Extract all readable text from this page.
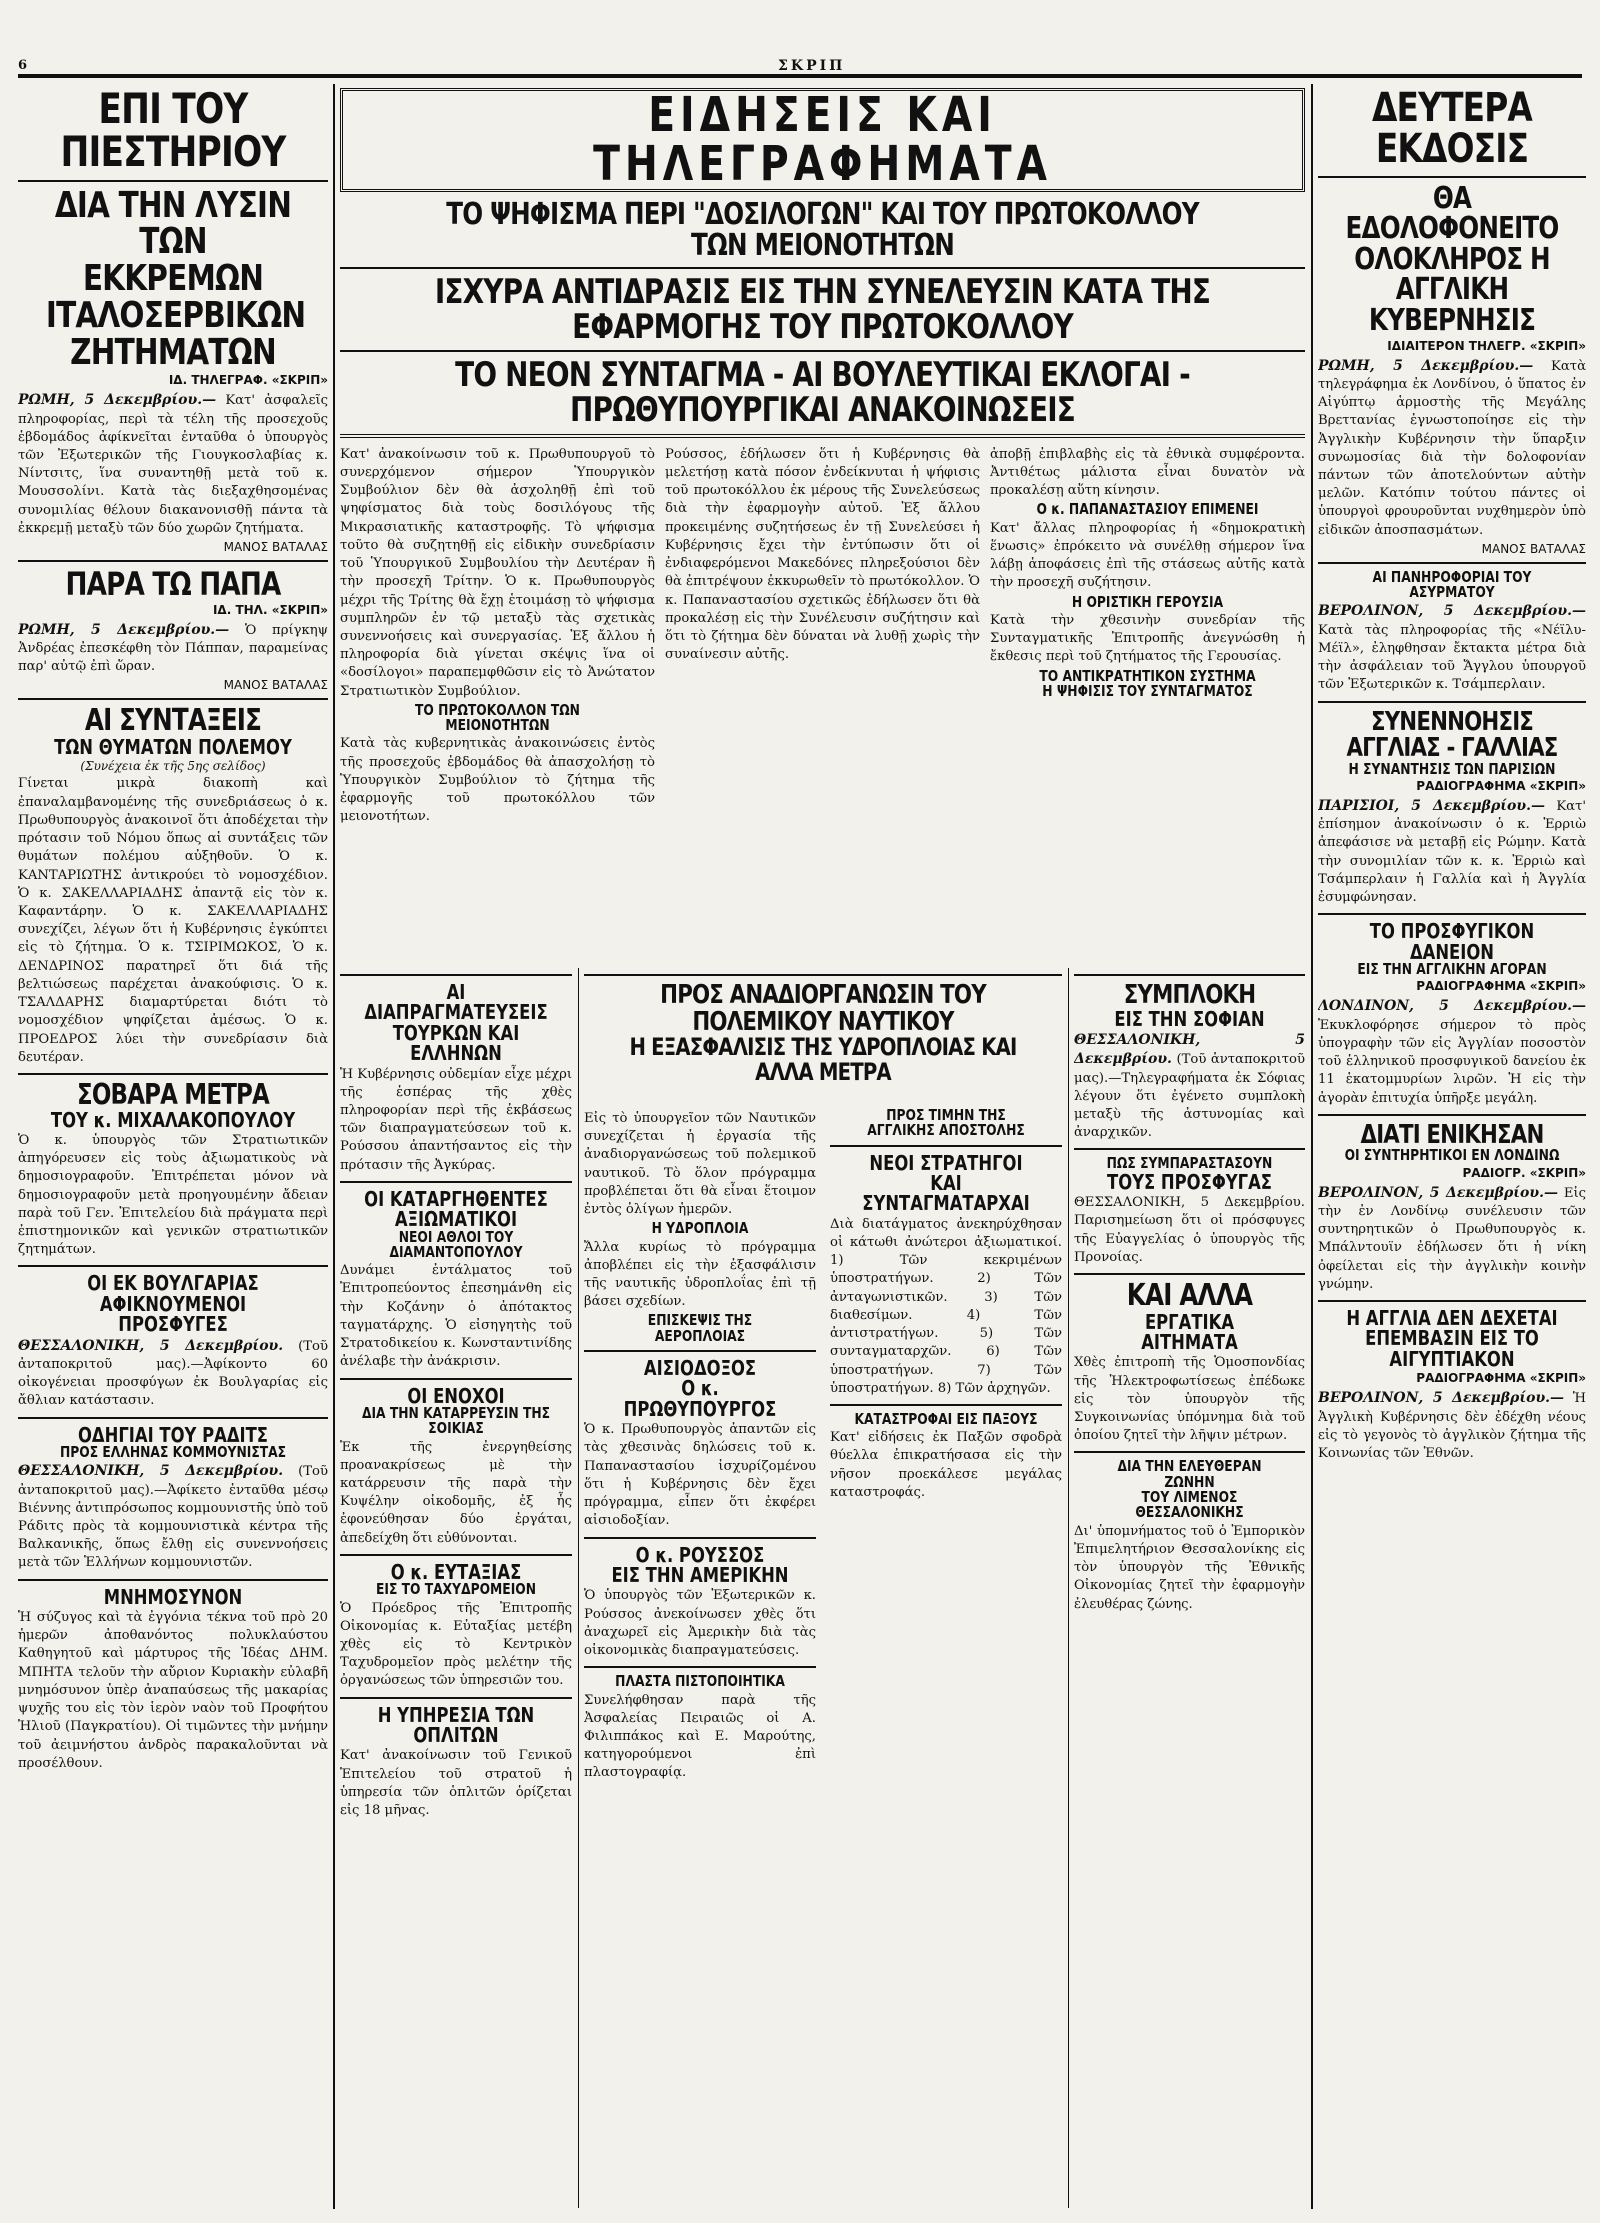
6	ΣΚΡΙΠ
ΕΠΙ ΤΟΥ ΠΙΕΣΤΗΡΙΟΥ
ΔΙΑ ΤΗΝ ΛΥΣΙΝ ΤΩΝ ΕΚΚΡΕΜΩΝ ΙΤΑΛΟΣΕΡΒΙΚΩΝ ΖΗΤΗΜΑΤΩΝ
ΙΔ. ΤΗΛΕΓΡΑΦ. «ΣΚΡΙΠ»

ΡΩΜΗ, 5 Δεκεμβρίου.— Κατ' ἀσφαλεῖς πληροφορίας, περὶ τὰ τέλη τῆς προσεχοῦς ἑβδομάδος ἀφίκνεῖται ἐνταῦθα ὁ ὑπουργὸς τῶν Ἐξωτερικῶν τῆς Γιουγκοσλαβίας κ. Νίντσιτς, ἵνα συναντηθῇ μετὰ τοῦ κ. Μουσσολίνι. Κατὰ τὰς διεξαχθησομένας συνομιλίας θέλουν διακανονισθῇ πάντα τὰ ἐκκρεμῇ μεταξὺ τῶν δύο χωρῶν ζητήματα.

ΜΑΝΟΣ ΒΑΤΑΛΑΣ
ΠΑΡΑ ΤΩ ΠΑΠΑ
ΙΔ. ΤΗΛ. «ΣΚΡΙΠ»

ΡΩΜΗ, 5 Δεκεμβρίου.— Ὁ πρίγκηψ Ἀνδρέας ἐπεσκέφθη τὸν Πάππαν, παραμείνας παρ' αὐτῷ ἐπὶ ὥραν.

ΜΑΝΟΣ ΒΑΤΑΛΑΣ
ΑΙ ΣΥΝΤΑΞΕΙΣ
ΤΩΝ ΘΥΜΑΤΩΝ ΠΟΛΕΜΟΥ
(Συνέχεια ἐκ τῆς 5ης σελίδος)

Γίνεται μικρὰ διακοπὴ καὶ ἐπαναλαμβανομένης τῆς συνεδριάσεως ὁ κ. Πρωθυπουργὸς ἀνακοινοῖ ὅτι ἀποδέχεται τὴν πρότασιν τοῦ Νόμου ὅπως αἱ συντάξεις τῶν θυμάτων πολέμου αὐξηθοῦν. Ὁ κ. ΚΑΝΤΑΡΙΩΤΗΣ ἀντικρούει τὸ νομοσχέδιον. Ὁ κ. ΣΑΚΕΛΛΑΡΙΑΔΗΣ ἀπαντᾷ εἰς τὸν κ. Καφαντάρην. Ὁ κ. ΣΑΚΕΛΛΑΡΙΑΔΗΣ συνεχίζει, λέγων ὅτι ἡ Κυβέρνησις ἐγκύπτει εἰς τὸ ζήτημα. Ὁ κ. ΤΣΙΡΙΜΩΚΟΣ, Ὁ κ. ΔΕΝΔΡΙΝΟΣ παρατηρεῖ ὅτι διά τῆς βελτιώσεως παρέχεται ἀνακούφισις. Ὁ κ. ΤΣΑΛΔΑΡΗΣ διαμαρτύρεται διότι τὸ νομοσχέδιον ψηφίζεται ἀμέσως. Ὁ κ. ΠΡΟΕΔΡΟΣ λύει τὴν συνεδρίασιν διὰ δευτέραν.

ΣΟΒΑΡΑ ΜΕΤΡΑ
ΤΟΥ κ. ΜΙΧΑΛΑΚΟΠΟΥΛΟΥ

Ὁ κ. ὑπουργὸς τῶν Στρατιωτικῶν ἀπηγόρευσεν εἰς τοὺς ἀξιωματικοὺς νὰ δημοσιογραφοῦν. Ἐπιτρέπεται μόνον νὰ δημοσιογραφοῦν μετὰ προηγουμένην ἄδειαν παρὰ τοῦ Γεν. Ἐπιτελείου διὰ πράγματα περὶ ἐπιστημονικῶν καὶ γενικῶν στρατιωτικῶν ζητημάτων.

ΟΙ ΕΚ ΒΟΥΛΓΑΡΙΑΣ ΑΦΙΚΝΟΥΜΕΝΟΙ ΠΡΟΣΦΥΓΕΣ

ΘΕΣΣΑΛΟΝΙΚΗ, 5 Δεκεμβρίου. (Τοῦ ἀνταποκριτοῦ μας).—Ἀφίκοντο 60 οἰκογένειαι προσφύγων ἐκ Βουλγαρίας εἰς ἄθλιαν κατάστασιν.

ΟΔΗΓΙΑΙ ΤΟΥ ΡΑΔΙΤΣ
ΠΡΟΣ ΕΛΛΗΝΑΣ ΚΟΜΜΟΥΝΙΣΤΑΣ

ΘΕΣΣΑΛΟΝΙΚΗ, 5 Δεκεμβρίου. (Τοῦ ἀνταποκριτοῦ μας).—Ἀφίκετο ἐνταῦθα μέσῳ Βιέννης ἀντιπρόσωπος κομμουνιστῆς ὑπὸ τοῦ Ράδιτς πρὸς τὰ κομμουνιστικὰ κέντρα τῆς Βαλκανικῆς, ὅπως ἔλθῃ εἰς συνεννοήσεις μετὰ τῶν Ἑλλήνων κομμουνιστῶν.

ΜΝΗΜΟΣΥΝΟΝ

Ἡ σύζυγος καὶ τὰ ἐγγόνια τέκνα τοῦ πρὸ 20 ἡμερῶν ἀποθανόντος πολυκλαύστου Καθηγητοῦ καὶ μάρτυρος τῆς Ἰδέας ΔΗΜ. ΜΠΗΤΑ τελοῦν τὴν αὔριον Κυριακὴν εὐλαβῆ μνημόσυνον ὑπὲρ ἀναπαύσεως τῆς μακαρίας ψυχῆς του εἰς τὸν ἱερὸν ναὸν τοῦ Προφήτου Ἠλιοῦ (Παγκρατίου). Οἱ τιμῶντες τὴν μνήμην τοῦ ἀειμνήστου ἀνδρὸς παρακαλοῦνται νὰ προσέλθουν.

ΕΙΔΗΣΕΙΣ ΚΑΙ ΤΗΛΕΓΡΑΦΗΜΑΤΑ
ΤΟ ΨΗΦΙΣΜΑ ΠΕΡΙ "ΔΟΣΙΛΟΓΩΝ" ΚΑΙ ΤΟΥ ΠΡΩΤΟΚΟΛΛΟΥ ΤΩΝ ΜΕΙΟΝΟΤΗΤΩΝ
ΙΣΧΥΡΑ ΑΝΤΙΔΡΑΣΙΣ ΕΙΣ ΤΗΝ ΣΥΝΕΛΕΥΣΙΝ ΚΑΤΑ ΤΗΣ ΕΦΑΡΜΟΓΗΣ ΤΟΥ ΠΡΩΤΟΚΟΛΛΟΥ
ΤΟ ΝΕΟΝ ΣΥΝΤΑΓΜΑ - ΑΙ ΒΟΥΛΕΥΤΙΚΑΙ ΕΚΛΟΓΑΙ - ΠΡΩΘΥΠΟΥΡΓΙΚΑΙ ΑΝΑΚΟΙΝΩΣΕΙΣ

Κατ' ἀνακοίνωσιν τοῦ κ. Πρωθυπουργοῦ τὸ συνερχόμενον σήμερον Ὑπουργικὸν Συμβούλιον δὲν θὰ ἀσχοληθῇ ἐπὶ τοῦ ψηφίσματος διὰ τοὺς δοσιλόγους τῆς Μικρασιατικῆς καταστροφῆς. Τὸ ψήφισμα τοῦτο θὰ συζητηθῇ εἰς εἰδικὴν συνεδρίασιν τοῦ Ὑπουργικοῦ Συμβουλίου τὴν Δευτέραν ἢ τὴν προσεχῆ Τρίτην. Ὁ κ. Πρωθυπουργὸς μέχρι τῆς Τρίτης θὰ ἔχῃ ἑτοιμάσῃ τὸ ψήφισμα συμπληρῶν ἐν τῷ μεταξὺ τὰς σχετικὰς συνεννοήσεις καὶ συνεργασίας. Ἐξ ἄλλου ἡ πληροφορία διὰ γίνεται σκέψις ἵνα οἱ «δοσίλογοι» παραπεμφθῶσιν εἰς τὸ Ἀνώτατον Στρατιωτικὸν Συμβούλιον.

ΤΟ ΠΡΩΤΟΚΟΛΛΟΝ ΤΩΝ ΜΕΙΟΝΟΤΗΤΩΝ

Κατὰ τὰς κυβερνητικὰς ἀνακοινώσεις ἐντὸς τῆς προσεχοῦς ἑβδομάδος θὰ ἀπασχολήσῃ τὸ Ὑπουργικὸν Συμβούλιον τὸ ζήτημα τῆς ἐφαρμογῆς τοῦ πρωτοκόλλου τῶν μειονοτήτων.

Ρούσσος, ἐδήλωσεν ὅτι ἡ Κυβέρνησις θὰ μελετήσῃ κατὰ πόσον ἐνδείκνυται ἡ ψήφισις τοῦ πρωτοκόλλου ἐκ μέρους τῆς Συνελεύσεως διὰ τὴν ἐφαρμογὴν αὐτοῦ. Ἐξ ἄλλου προκειμένης συζητήσεως ἐν τῇ Συνελεύσει ἡ Κυβέρνησις ἔχει τὴν ἐντύπωσιν ὅτι οἱ ἐνδιαφερόμενοι Μακεδόνες πληρεξούσιοι δὲν θὰ ἐπιτρέψουν ἐκκυρωθεῖν τὸ πρωτόκολλον. Ὁ κ. Παπαναστασίου σχετικῶς ἐδήλωσεν ὅτι θὰ προκαλέσῃ εἰς τὴν Συνέλευσιν συζήτησιν καὶ ὅτι τὸ ζήτημα δὲν δύναται νὰ λυθῇ χωρὶς τὴν συναίνεσιν αὐτῆς.

ἀποβῇ ἐπιβλαβὴς εἰς τὰ ἐθνικὰ συμφέροντα. Ἀντιθέτως μάλιστα εἶναι δυνατὸν νὰ προκαλέσῃ αὕτη κίνησιν.

Ο κ. ΠΑΠΑΝΑΣΤΑΣΙΟΥ ΕΠΙΜΕΝΕΙ

Κατ' ἄλλας πληροφορίας ἡ «δημοκρατικὴ ἕνωσις» ἐπρόκειτο νὰ συνέλθῃ σήμερον ἵνα λάβῃ ἀποφάσεις ἐπὶ τῆς στάσεως αὐτῆς κατὰ τὴν προσεχῆ συζήτησιν.

Η ΟΡΙΣΤΙΚΗ ΓΕΡΟΥΣΙΑ

Κατὰ τὴν χθεσινὴν συνεδρίαν τῆς Συνταγματικῆς Ἐπιτροπῆς ἀνεγνώσθη ἡ ἔκθεσις περὶ τοῦ ζητήματος τῆς Γερουσίας.

ΤΟ ΑΝΤΙΚΡΑΤΗΤΙΚΟΝ ΣΥΣΤΗΜΑ
Η ΨΗΦΙΣΙΣ ΤΟΥ ΣΥΝΤΑΓΜΑΤΟΣ
ΑΙ ΔΙΑΠΡΑΓΜΑΤΕΥΣΕΙΣ ΤΟΥΡΚΩΝ ΚΑΙ ΕΛΛΗΝΩΝ

Ἡ Κυβέρνησις οὐδεμίαν εἶχε μέχρι τῆς ἑσπέρας τῆς χθὲς πληροφορίαν περὶ τῆς ἐκβάσεως τῶν διαπραγματεύσεων τοῦ κ. Ρούσσου ἀπαντήσαντος εἰς τὴν πρότασιν τῆς Ἀγκύρας.

ΟΙ ΚΑΤΑΡΓΗΘΕΝΤΕΣ ΑΞΙΩΜΑΤΙΚΟΙ
ΝΕΟΙ ΑΘΛΟΙ ΤΟΥ ΔΙΑΜΑΝΤΟΠΟΥΛΟΥ

Δυνάμει ἐντάλματος τοῦ Ἐπιτροπεύοντος ἐπεσημάνθη εἰς τὴν Κοζάνην ὁ ἀπότακτος ταγματάρχης. Ὁ εἰσηγητὴς τοῦ Στρατοδικείου κ. Κωνσταντινίδης ἀνέλαβε τὴν ἀνάκρισιν.

ΟΙ ΕΝΟΧΟΙ
ΔΙΑ ΤΗΝ ΚΑΤΑΡΡΕΥΣΙΝ ΤΗΣ ΣΟΙΚΙΑΣ

Ἐκ τῆς ἐνεργηθείσης προανακρίσεως μὲ τὴν κατάρρευσιν τῆς παρὰ τὴν Κυψέλην οἰκοδομῆς, ἐξ ἧς ἐφονεύθησαν δύο ἐργάται, ἀπεδείχθη ὅτι εὐθύνονται.

Ο κ. ΕΥΤΑΞΙΑΣ
ΕΙΣ ΤΟ ΤΑΧΥΔΡΟΜΕΙΟΝ

Ὁ Πρόεδρος τῆς Ἐπιτροπῆς Οἰκονομίας κ. Εὐταξίας μετέβη χθὲς εἰς τὸ Κεντρικὸν Ταχυδρομεῖον πρὸς μελέτην τῆς ὀργανώσεως τῶν ὑπηρεσιῶν του.

Η ΥΠΗΡΕΣΙΑ ΤΩΝ ΟΠΛΙΤΩΝ

Κατ' ἀνακοίνωσιν τοῦ Γενικοῦ Ἐπιτελείου τοῦ στρατοῦ ἡ ὑπηρεσία τῶν ὁπλιτῶν ὁρίζεται εἰς 18 μῆνας.

ΠΡΟΣ ΑΝΑΔΙΟΡΓΑΝΩΣΙΝ ΤΟΥ ΠΟΛΕΜΙΚΟΥ ΝΑΥΤΙΚΟΥ
Η ΕΞΑΣΦΑΛΙΣΙΣ ΤΗΣ ΥΔΡΟΠΛΟΙΑΣ ΚΑΙ ΑΛΛΑ ΜΕΤΡΑ

Εἰς τὸ ὑπουργεῖον τῶν Ναυτικῶν συνεχίζεται ἡ ἐργασία τῆς ἀναδιοργανώσεως τοῦ πολεμικοῦ ναυτικοῦ. Τὸ ὅλον πρόγραμμα προβλέπεται ὅτι θὰ εἶναι ἕτοιμον ἐντὸς ὀλίγων ἡμερῶν.

Η ΥΔΡΟΠΛΟΙΑ

Ἄλλα κυρίως τὸ πρόγραμμα ἀποβλέπει εἰς τὴν ἐξασφάλισιν τῆς ναυτικῆς ὑδροπλοΐας ἐπὶ τῇ βάσει σχεδίων.

ΕΠΙΣΚΕΨΙΣ ΤΗΣ ΑΕΡΟΠΛΟΙΑΣ
ΑΙΣΙΟΔΟΞΟΣ
Ο κ. ΠΡΩΘΥΠΟΥΡΓΟΣ

Ὁ κ. Πρωθυπουργὸς ἀπαντῶν εἰς τὰς χθεσινὰς δηλώσεις τοῦ κ. Παπαναστασίου ἰσχυρίζομένου ὅτι ἡ Κυβέρνησις δὲν ἔχει πρόγραμμα, εἶπεν ὅτι ἐκφέρει αἰσιοδοξίαν.

Ο κ. ΡΟΥΣΣΟΣ
ΕΙΣ ΤΗΝ ΑΜΕΡΙΚΗΝ

Ὁ ὑπουργὸς τῶν Ἐξωτερικῶν κ. Ρούσσος ἀνεκοίνωσεν χθὲς ὅτι ἀναχωρεῖ εἰς Ἀμερικὴν διὰ τὰς οἰκονομικὰς διαπραγματεύσεις.

ΠΛΑΣΤΑ ΠΙΣΤΟΠΟΙΗΤΙΚΑ

Συνελήφθησαν παρὰ τῆς Ἀσφαλείας Πειραιῶς οἱ Α. Φιλιππάκος καὶ Ε. Μαρούτης, κατηγορούμενοι ἐπὶ πλαστογραφίᾳ.

ΠΡΟΣ ΤΙΜΗΝ ΤΗΣ ΑΓΓΛΙΚΗΣ ΑΠΟΣΤΟΛΗΣ
ΝΕΟΙ ΣΤΡΑΤΗΓΟΙ
ΚΑΙ ΣΥΝΤΑΓΜΑΤΑΡΧΑΙ

Διὰ διατάγματος ἀνεκηρύχθησαν οἱ κάτωθι ἀνώτεροι ἀξιωματικοί. 1) Τῶν κεκριμένων ὑποστρατήγων. 2) Τῶν ἀνταγωνιστικῶν. 3) Τῶν διαθεσίμων. 4) Τῶν ἀντιστρατήγων. 5) Τῶν συνταγματαρχῶν. 6) Τῶν ὑποστρατήγων. 7) Τῶν ὑποστρατήγων. 8) Τῶν ἀρχηγῶν.

ΚΑΤΑΣΤΡΟΦΑΙ ΕΙΣ ΠΑΞΟΥΣ

Κατ' εἰδήσεις ἐκ Παξῶν σφοδρὰ θύελλα ἐπικρατήσασα εἰς τὴν νῆσον προεκάλεσε μεγάλας καταστροφάς.

ΣΥΜΠΛΟΚΗ
ΕΙΣ ΤΗΝ ΣΟΦΙΑΝ

ΘΕΣΣΑΛΟΝΙΚΗ, 5 Δεκεμβρίου. (Τοῦ ἀνταποκριτοῦ μας).—Τηλεγραφήματα ἐκ Σόφιας λέγουν ὅτι ἐγένετο συμπλοκὴ μεταξὺ τῆς ἀστυνομίας καὶ ἀναρχικῶν.

ΠΩΣ ΣΥΜΠΑΡΑΣΤΑΣΟΥΝ
ΤΟΥΣ ΠΡΟΣΦΥΓΑΣ

ΘΕΣΣΑΛΟΝΙΚΗ, 5 Δεκεμβρίου. Παρισημείωση ὅτι οἱ πρόσφυγες τῆς Εὐαγγελίας ὁ ὑπουργὸς τῆς Προνοίας.

ΚΑΙ ΑΛΛΑ
ΕΡΓΑΤΙΚΑ ΑΙΤΗΜΑΤΑ

Χθὲς ἐπιτροπὴ τῆς Ὁμοσπονδίας τῆς Ἠλεκτροφωτίσεως ἐπέδωκε εἰς τὸν ὑπουργὸν τῆς Συγκοινωνίας ὑπόμνημα διὰ τοῦ ὁποίου ζητεῖ τὴν λῆψιν μέτρων.

ΔΙΑ ΤΗΝ ΕΛΕΥΘΕΡΑΝ ΖΩΝΗΝ
ΤΟΥ ΛΙΜΕΝΟΣ ΘΕΣΣΑΛΟΝΙΚΗΣ

Δι' ὑπομνήματος τοῦ ὁ Ἐμπορικὸν Ἐπιμελητήριον Θεσσαλονίκης εἰς τὸν ὑπουργὸν τῆς Ἐθνικῆς Οἰκονομίας ζητεῖ τὴν ἐφαρμογὴν ἐλευθέρας ζώνης.

ΔΕΥΤΕΡΑ ΕΚΔΟΣΙΣ
ΘΑ ΕΔΟΛΟΦΟΝΕΙΤΟ ΟΛΟΚΛΗΡΟΣ Η ΑΓΓΛΙΚΗ ΚΥΒΕΡΝΗΣΙΣ
ΙΔΙΑΙΤΕΡΟΝ ΤΗΛΕΓΡ. «ΣΚΡΙΠ»

ΡΩΜΗ, 5 Δεκεμβρίου.— Κατὰ τηλεγράφημα ἐκ Λονδίνου, ὁ ὕπατος ἐν Αἰγύπτῳ ἁρμοστὴς τῆς Μεγάλης Βρεττανίας ἐγνωστοποίησε εἰς τὴν Ἀγγλικὴν Κυβέρνησιν τὴν ὕπαρξιν συνωμοσίας διὰ τὴν δολοφονίαν πάντων τῶν ἀποτελούντων αὐτὴν μελῶν. Κατόπιν τούτου πάντες οἱ ὑπουργοὶ φρουροῦνται νυχθημερὸν ὑπὸ εἰδικῶν ἀποσπασμάτων.

ΜΑΝΟΣ ΒΑΤΑΛΑΣ
ΑΙ ΠΑΝΗΡΟΦΟΡΙΑΙ ΤΟΥ ΑΣΥΡΜΑΤΟΥ

ΒΕΡΟΛΙΝΟΝ, 5 Δεκεμβρίου.— Κατὰ τὰς πληροφορίας τῆς «Νέϊλυ-Μέϊλ», ἐληφθησαν ἔκτακτα μέτρα διὰ τὴν ἀσφάλειαν τοῦ Ἄγγλου ὑπουργοῦ τῶν Ἐξωτερικῶν κ. Τσάμπερλαιν.

ΣΥΝΕΝΝΟΗΣΙΣ ΑΓΓΛΙΑΣ - ΓΑΛΛΙΑΣ
Η ΣΥΝΑΝΤΗΣΙΣ ΤΩΝ ΠΑΡΙΣΙΩΝ
ΡΑΔΙΟΓΡΑΦΗΜΑ «ΣΚΡΙΠ»

ΠΑΡΙΣΙΟΙ, 5 Δεκεμβρίου.— Κατ' ἐπίσημον ἀνακοίνωσιν ὁ κ. Ἐρριὼ ἀπεφάσισε νὰ μεταβῇ εἰς Ρώμην. Κατὰ τὴν συνομιλίαν τῶν κ. κ. Ἐρριὼ καὶ Τσάμπερλαιν ἡ Γαλλία καὶ ἡ Ἀγγλία ἐσυμφώνησαν.

ΤΟ ΠΡΟΣΦΥΓΙΚΟΝ ΔΑΝΕΙΟΝ
ΕΙΣ ΤΗΝ ΑΓΓΛΙΚΗΝ ΑΓΟΡΑΝ
ΡΑΔΙΟΓΡΑΦΗΜΑ «ΣΚΡΙΠ»

ΛΟΝΔΙΝΟΝ, 5 Δεκεμβρίου.— Ἐκυκλοφόρησε σήμερον τὸ πρὸς ὑπογραφὴν τῶν εἰς Ἀγγλίαν ποσοστὸν τοῦ ἑλληνικοῦ προσφυγικοῦ δανείου ἐκ 11 ἑκατομμυρίων λιρῶν. Ἡ εἰς τὴν ἀγορὰν ἐπιτυχία ὑπῆρξε μεγάλη.

ΔΙΑΤΙ ΕΝΙΚΗΣΑΝ
ΟΙ ΣΥΝΤΗΡΗΤΙΚΟΙ ΕΝ ΛΟΝΔΙΝΩ
ΡΑΔΙΟΓΡ. «ΣΚΡΙΠ»

ΒΕΡΟΛΙΝΟΝ, 5 Δεκεμβρίου.— Εἰς τὴν ἐν Λονδίνῳ συνέλευσιν τῶν συντηρητικῶν ὁ Πρωθυπουργὸς κ. Μπάλντουϊν ἐδήλωσεν ὅτι ἡ νίκη ὀφείλεται εἰς τὴν ἀγγλικὴν κοινὴν γνώμην.

Η ΑΓΓΛΙΑ ΔΕΝ ΔΕΧΕΤΑΙ ΕΠΕΜΒΑΣΙΝ ΕΙΣ ΤΟ ΑΙΓΥΠΤΙΑΚΟΝ
ΡΑΔΙΟΓΡΑΦΗΜΑ «ΣΚΡΙΠ»

ΒΕΡΟΛΙΝΟΝ, 5 Δεκεμβρίου.— Ἡ Ἀγγλικὴ Κυβέρνησις δὲν ἐδέχθη νέους εἰς τὸ γεγονὸς τὸ ἀγγλικὸν ζήτημα τῆς Κοινωνίας τῶν Ἐθνῶν.
